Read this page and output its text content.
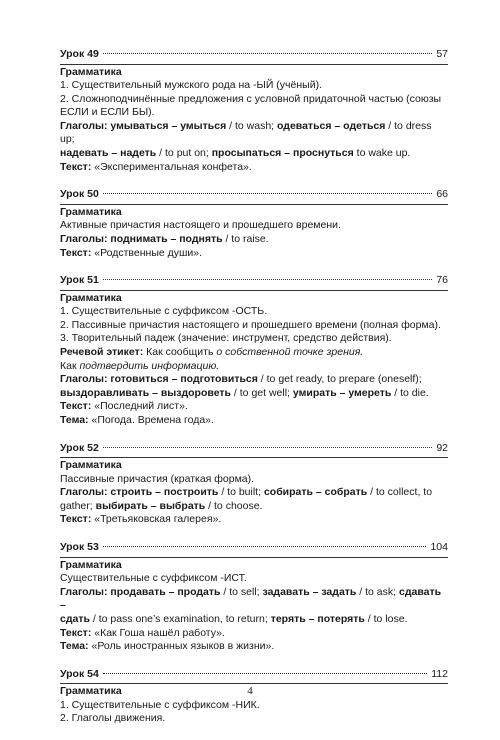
Урок 49	57
Грамматика
1. Существительный мужского рода на -ЫЙ (учёный).
2. Сложноподчинённые предложения с условной придаточной частью (союзы
ЕСЛИ и ЕСЛИ БЫ).
Глаголы: умываться – умыться / to wash; одеваться – одеться / to dress up;
надевать – надеть / to put on; просыпаться – проснуться to wake up.
Текст: «Экспериментальная конфета».
Урок 50	66
Грамматика
Активные причастия настоящего и прошедшего времени.
Глаголы: поднимать – поднять / to raise.
Текст: «Родственные души».
Урок 51	76
Грамматика
1. Существительные с суффиксом -ОСТЬ.
2. Пассивные причастия настоящего и прошедшего времени (полная форма).
3. Творительный падеж (значение: инструмент, средство действия).
Речевой этикет: Как сообщить о собственной точке зрения.
Как подтвердить информацию.
Глаголы: готовиться – подготовиться / to get ready, to prepare (oneself);
выздоравливать – выздороветь / to get well; умирать – умереть / to die.
Текст: «Последний лист».
Тема: «Погода. Времена года».
Урок 52	92
Грамматика
Пассивные причастия (краткая форма).
Глаголы: строить – построить / to built; собирать – собрать / to collect, to
gather; выбирать – выбрать / to choose.
Текст: «Третьяковская галерея».
Урок 53	104
Грамматика
Существительные с суффиксом -ИСТ.
Глаголы: продавать – продать / to sell; задавать – задать / to ask; сдавать –
сдать / to pass one’s examination, to return; терять – потерять / to lose.
Текст: «Как Гоша нашёл работу».
Тема: «Роль иностранных языков в жизни».
Урок 54	112
Грамматика
1. Существительные с суффиксом -НИК.
2. Глаголы движения.
4
